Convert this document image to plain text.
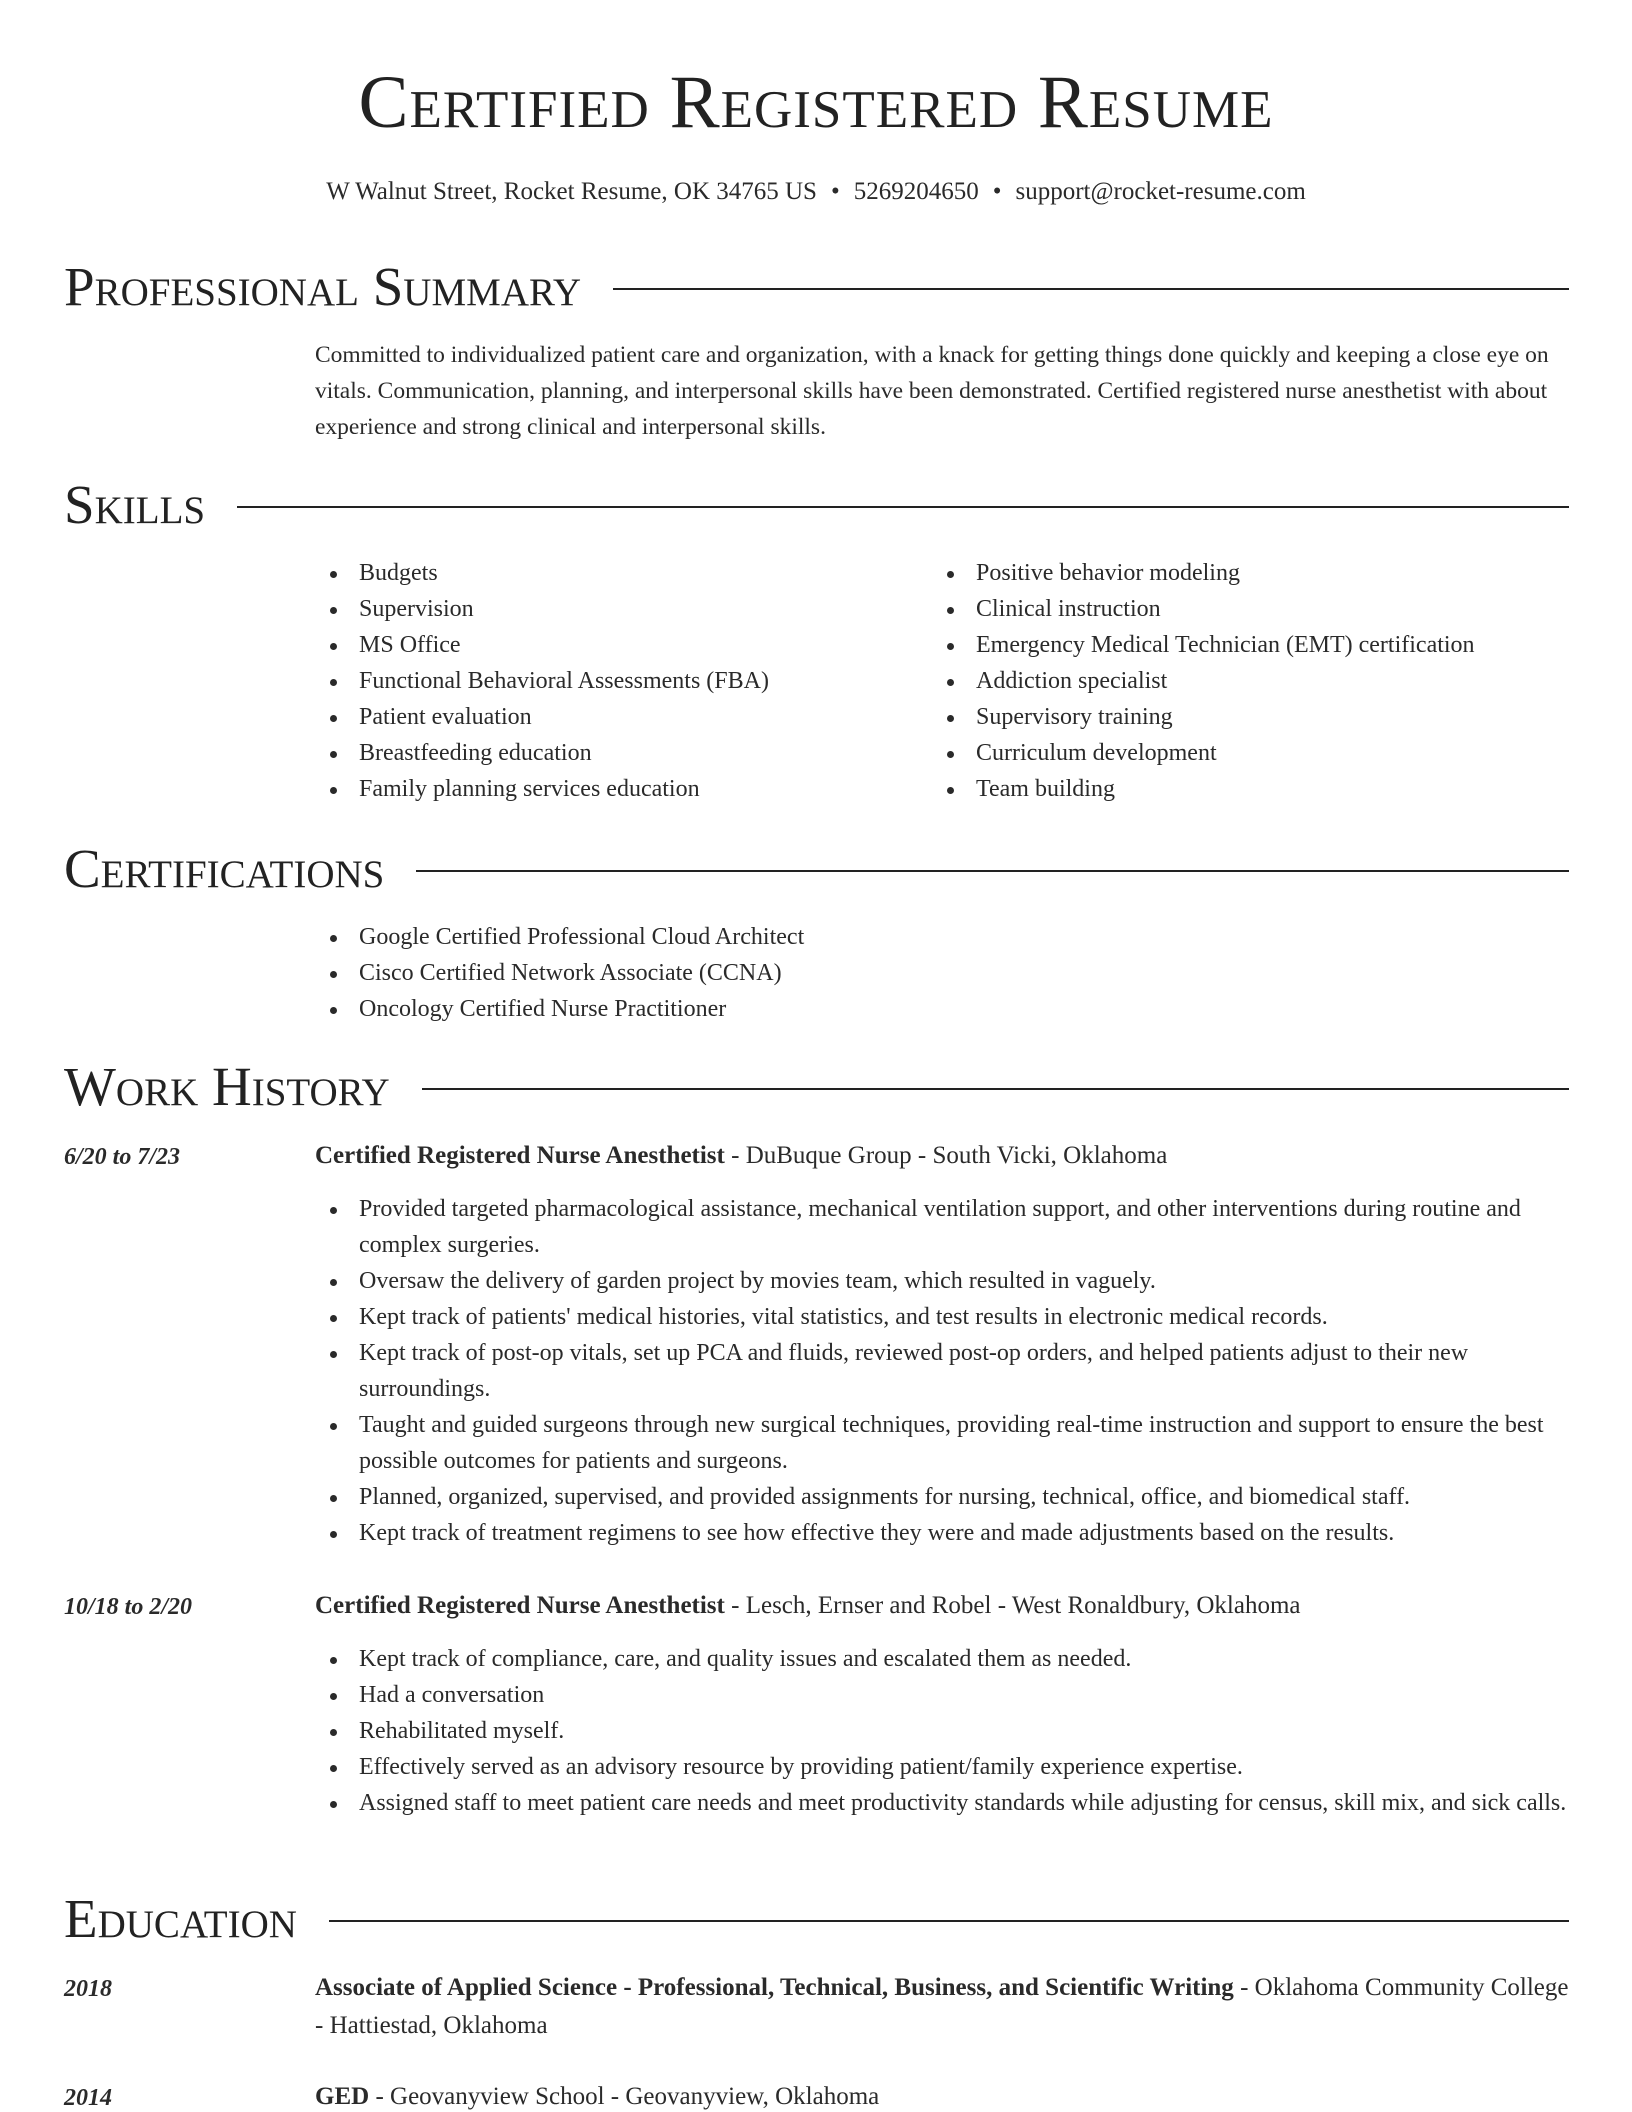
Certified Registered Resume
W Walnut Street, Rocket Resume, OK 34765 US • 5269204650 • support@rocket-resume.com
Professional Summary
Committed to individualized patient care and organization, with a knack for getting things done quickly and keeping a close eye on vitals. Communication, planning, and interpersonal skills have been demonstrated. Certified registered nurse anesthetist with about experience and strong clinical and interpersonal skills.
Skills
Budgets
Supervision
MS Office
Functional Behavioral Assessments (FBA)
Patient evaluation
Breastfeeding education
Family planning services education
Positive behavior modeling
Clinical instruction
Emergency Medical Technician (EMT) certification
Addiction specialist
Supervisory training
Curriculum development
Team building
Certifications
Google Certified Professional Cloud Architect
Cisco Certified Network Associate (CCNA)
Oncology Certified Nurse Practitioner
Work History
6/20 to 7/23	Certified Registered Nurse Anesthetist - DuBuque Group - South Vicki, Oklahoma
Provided targeted pharmacological assistance, mechanical ventilation support, and other interventions during routine and complex surgeries.
Oversaw the delivery of garden project by movies team, which resulted in vaguely.
Kept track of patients' medical histories, vital statistics, and test results in electronic medical records.
Kept track of post-op vitals, set up PCA and fluids, reviewed post-op orders, and helped patients adjust to their new surroundings.
Taught and guided surgeons through new surgical techniques, providing real-time instruction and support to ensure the best possible outcomes for patients and surgeons.
Planned, organized, supervised, and provided assignments for nursing, technical, office, and biomedical staff.
Kept track of treatment regimens to see how effective they were and made adjustments based on the results.
10/18 to 2/20	Certified Registered Nurse Anesthetist - Lesch, Ernser and Robel - West Ronaldbury, Oklahoma
Kept track of compliance, care, and quality issues and escalated them as needed.
Had a conversation
Rehabilitated myself.
Effectively served as an advisory resource by providing patient/family experience expertise.
Assigned staff to meet patient care needs and meet productivity standards while adjusting for census, skill mix, and sick calls.
Education
2018	Associate of Applied Science - Professional, Technical, Business, and Scientific Writing - Oklahoma Community College - Hattiestad, Oklahoma
2014	GED - Geovanyview School - Geovanyview, Oklahoma
